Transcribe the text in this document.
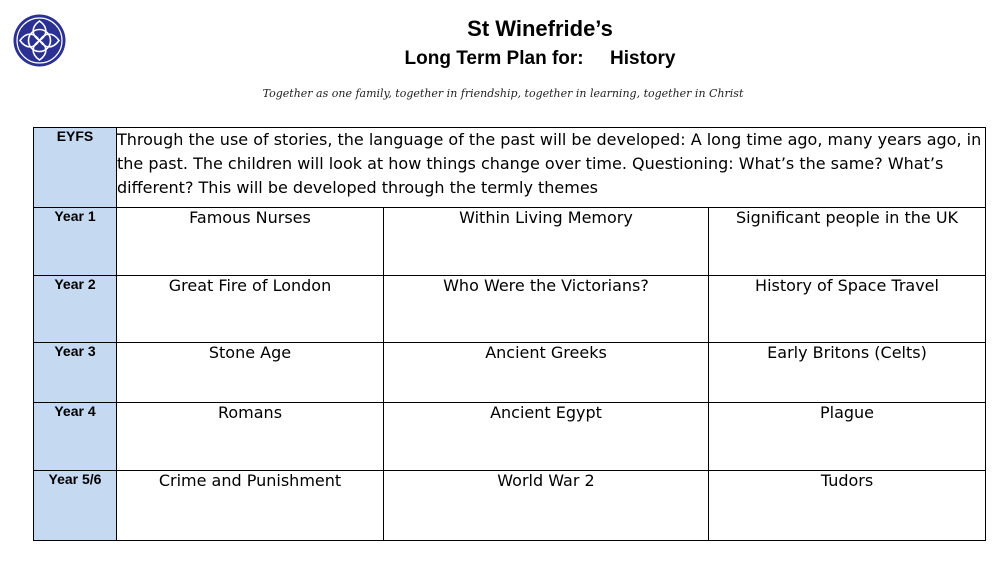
St Winefride’s
Long Term Plan for:     History
Together as one family, together in friendship, together in learning, together in Christ
EYFS	Through the use of stories, the language of the past will be developed: A long time ago, many years ago, in the past. The children will look at how things change over time. Questioning: What’s the same? What’s different? This will be developed through the termly themes		
Year 1	Famous Nurses	Within Living Memory	Significant people in the UK
Year 2	Great Fire of London	Who Were the Victorians?	History of Space Travel
Year 3	Stone Age	Ancient Greeks	Early Britons (Celts)
Year 4	Romans	Ancient Egypt	Plague
Year 5/6	Crime and Punishment	World War 2	Tudors
